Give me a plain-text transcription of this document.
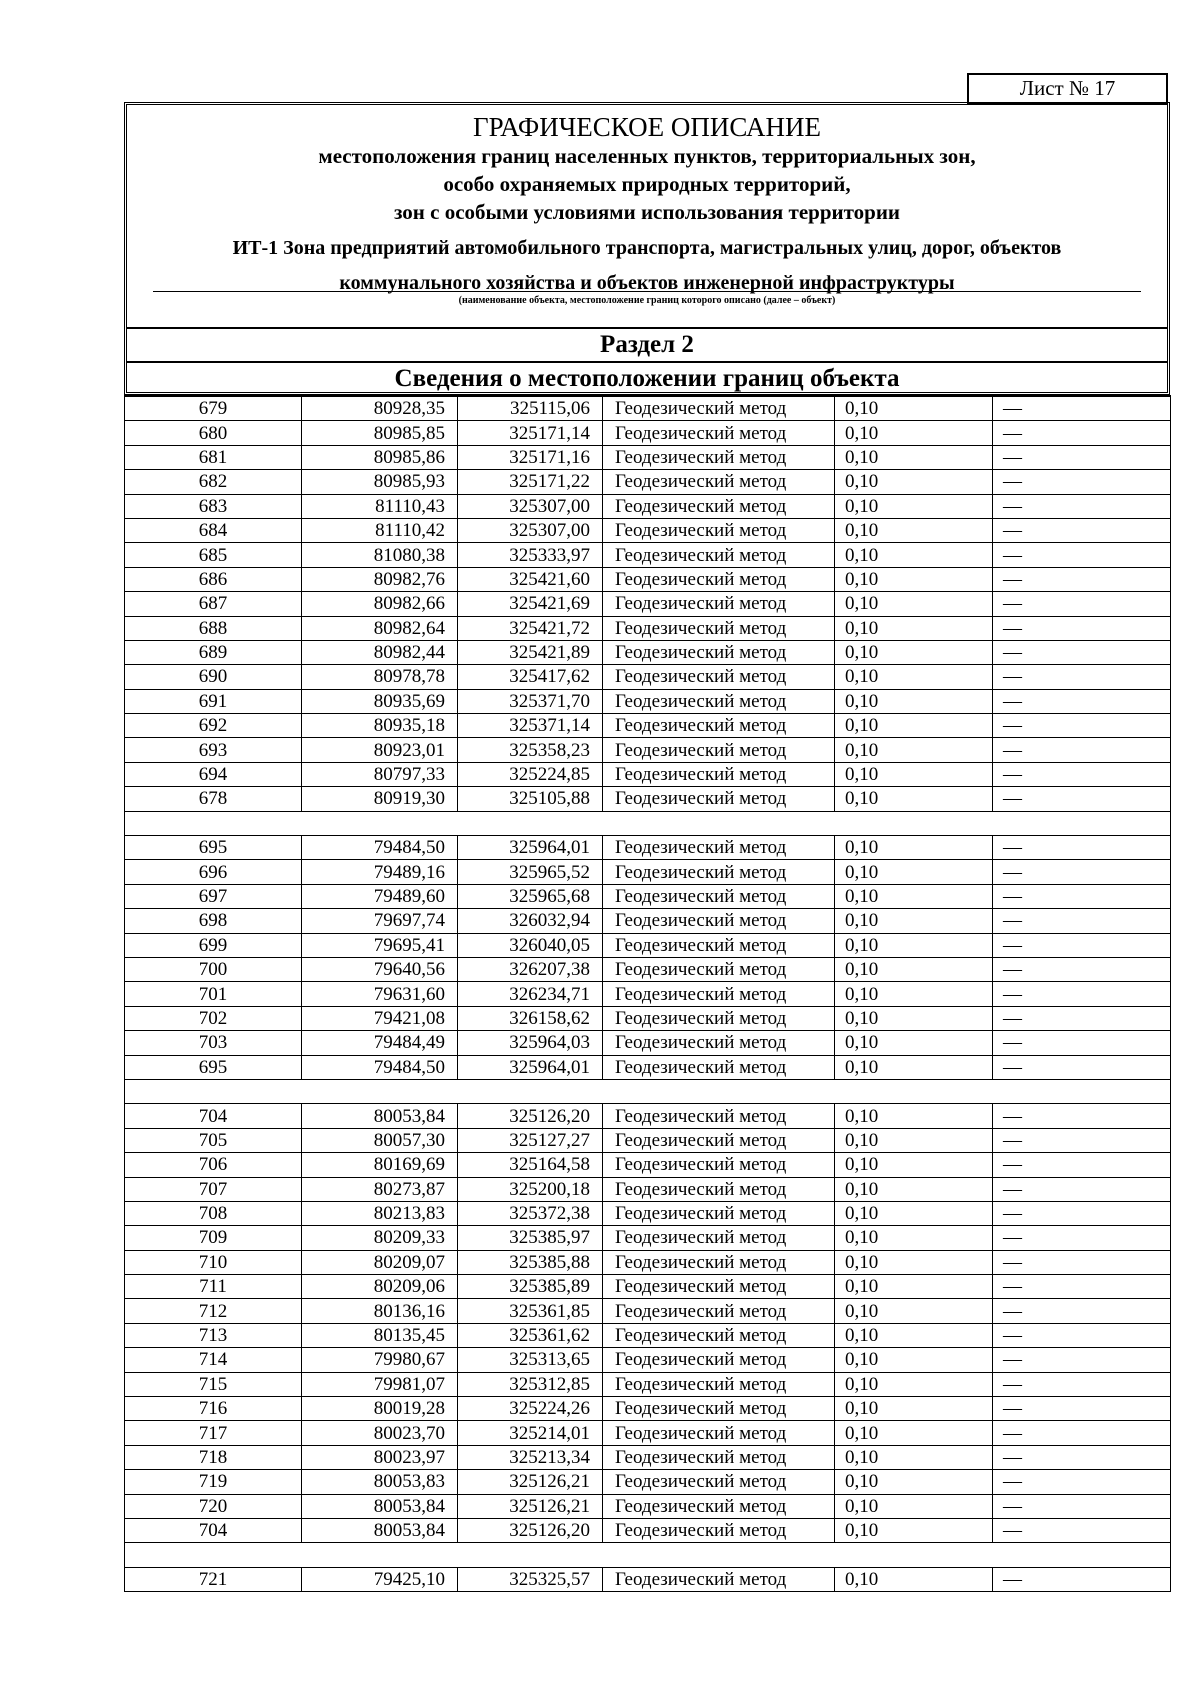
Лист № 17
ГРАФИЧЕСКОЕ ОПИСАНИЕ
местоположения границ населенных пунктов, территориальных зон,
особо охраняемых природных территорий,
зон с особыми условиями использования территории
ИТ-1 Зона предприятий автомобильного транспорта, магистральных улиц, дорог, объектов
коммунального хозяйства и объектов инженерной инфраструктуры
(наименование объекта, местоположение границ которого описано (далее – объект)
Раздел 2
Сведения о местоположении границ объекта
679	80928,35	325115,06	Геодезический метод	0,10	—
680	80985,85	325171,14	Геодезический метод	0,10	—
681	80985,86	325171,16	Геодезический метод	0,10	—
682	80985,93	325171,22	Геодезический метод	0,10	—
683	81110,43	325307,00	Геодезический метод	0,10	—
684	81110,42	325307,00	Геодезический метод	0,10	—
685	81080,38	325333,97	Геодезический метод	0,10	—
686	80982,76	325421,60	Геодезический метод	0,10	—
687	80982,66	325421,69	Геодезический метод	0,10	—
688	80982,64	325421,72	Геодезический метод	0,10	—
689	80982,44	325421,89	Геодезический метод	0,10	—
690	80978,78	325417,62	Геодезический метод	0,10	—
691	80935,69	325371,70	Геодезический метод	0,10	—
692	80935,18	325371,14	Геодезический метод	0,10	—
693	80923,01	325358,23	Геодезический метод	0,10	—
694	80797,33	325224,85	Геодезический метод	0,10	—
678	80919,30	325105,88	Геодезический метод	0,10	—

695	79484,50	325964,01	Геодезический метод	0,10	—
696	79489,16	325965,52	Геодезический метод	0,10	—
697	79489,60	325965,68	Геодезический метод	0,10	—
698	79697,74	326032,94	Геодезический метод	0,10	—
699	79695,41	326040,05	Геодезический метод	0,10	—
700	79640,56	326207,38	Геодезический метод	0,10	—
701	79631,60	326234,71	Геодезический метод	0,10	—
702	79421,08	326158,62	Геодезический метод	0,10	—
703	79484,49	325964,03	Геодезический метод	0,10	—
695	79484,50	325964,01	Геодезический метод	0,10	—

704	80053,84	325126,20	Геодезический метод	0,10	—
705	80057,30	325127,27	Геодезический метод	0,10	—
706	80169,69	325164,58	Геодезический метод	0,10	—
707	80273,87	325200,18	Геодезический метод	0,10	—
708	80213,83	325372,38	Геодезический метод	0,10	—
709	80209,33	325385,97	Геодезический метод	0,10	—
710	80209,07	325385,88	Геодезический метод	0,10	—
711	80209,06	325385,89	Геодезический метод	0,10	—
712	80136,16	325361,85	Геодезический метод	0,10	—
713	80135,45	325361,62	Геодезический метод	0,10	—
714	79980,67	325313,65	Геодезический метод	0,10	—
715	79981,07	325312,85	Геодезический метод	0,10	—
716	80019,28	325224,26	Геодезический метод	0,10	—
717	80023,70	325214,01	Геодезический метод	0,10	—
718	80023,97	325213,34	Геодезический метод	0,10	—
719	80053,83	325126,21	Геодезический метод	0,10	—
720	80053,84	325126,21	Геодезический метод	0,10	—
704	80053,84	325126,20	Геодезический метод	0,10	—

721	79425,10	325325,57	Геодезический метод	0,10	—
